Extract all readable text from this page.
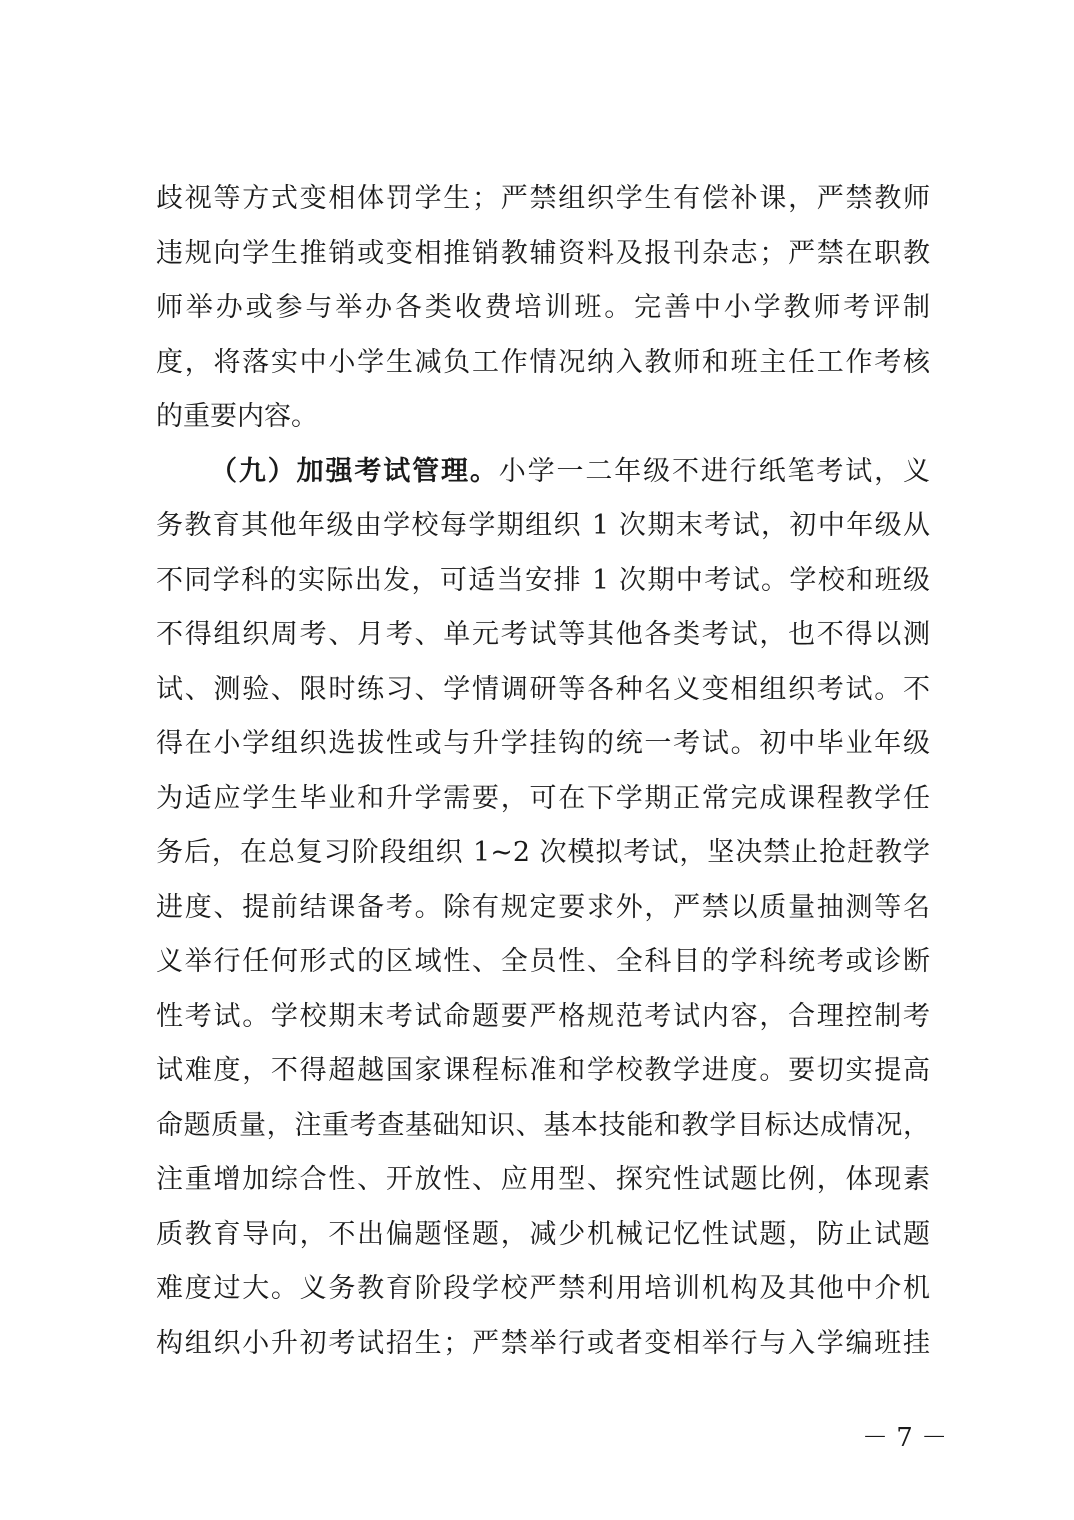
歧视等方式变相体罚学生；严禁组织学生有偿补课，严禁教师
违规向学生推销或变相推销教辅资料及报刊杂志；严禁在职教
师举办或参与举办各类收费培训班。完善中小学教师考评制
度，将落实中小学生减负工作情况纳入教师和班主任工作考核
的重要内容。
（九）加强考试管理。小学一二年级不进行纸笔考试，义
务教育其他年级由学校每学期组织 1 次期末考试，初中年级从
不同学科的实际出发，可适当安排 1 次期中考试。学校和班级
不得组织周考、月考、单元考试等其他各类考试，也不得以测
试、测验、限时练习、学情调研等各种名义变相组织考试。不
得在小学组织选拔性或与升学挂钩的统一考试。初中毕业年级
为适应学生毕业和升学需要，可在下学期正常完成课程教学任
务后，在总复习阶段组织 1~2 次模拟考试，坚决禁止抢赶教学
进度、提前结课备考。除有规定要求外，严禁以质量抽测等名
义举行任何形式的区域性、全员性、全科目的学科统考或诊断
性考试。学校期末考试命题要严格规范考试内容，合理控制考
试难度，不得超越国家课程标准和学校教学进度。要切实提高
命题质量，注重考查基础知识、基本技能和教学目标达成情况，
注重增加综合性、开放性、应用型、探究性试题比例，体现素
质教育导向，不出偏题怪题，减少机械记忆性试题，防止试题
难度过大。义务教育阶段学校严禁利用培训机构及其他中介机
构组织小升初考试招生；严禁举行或者变相举行与入学编班挂
－ 7 －
